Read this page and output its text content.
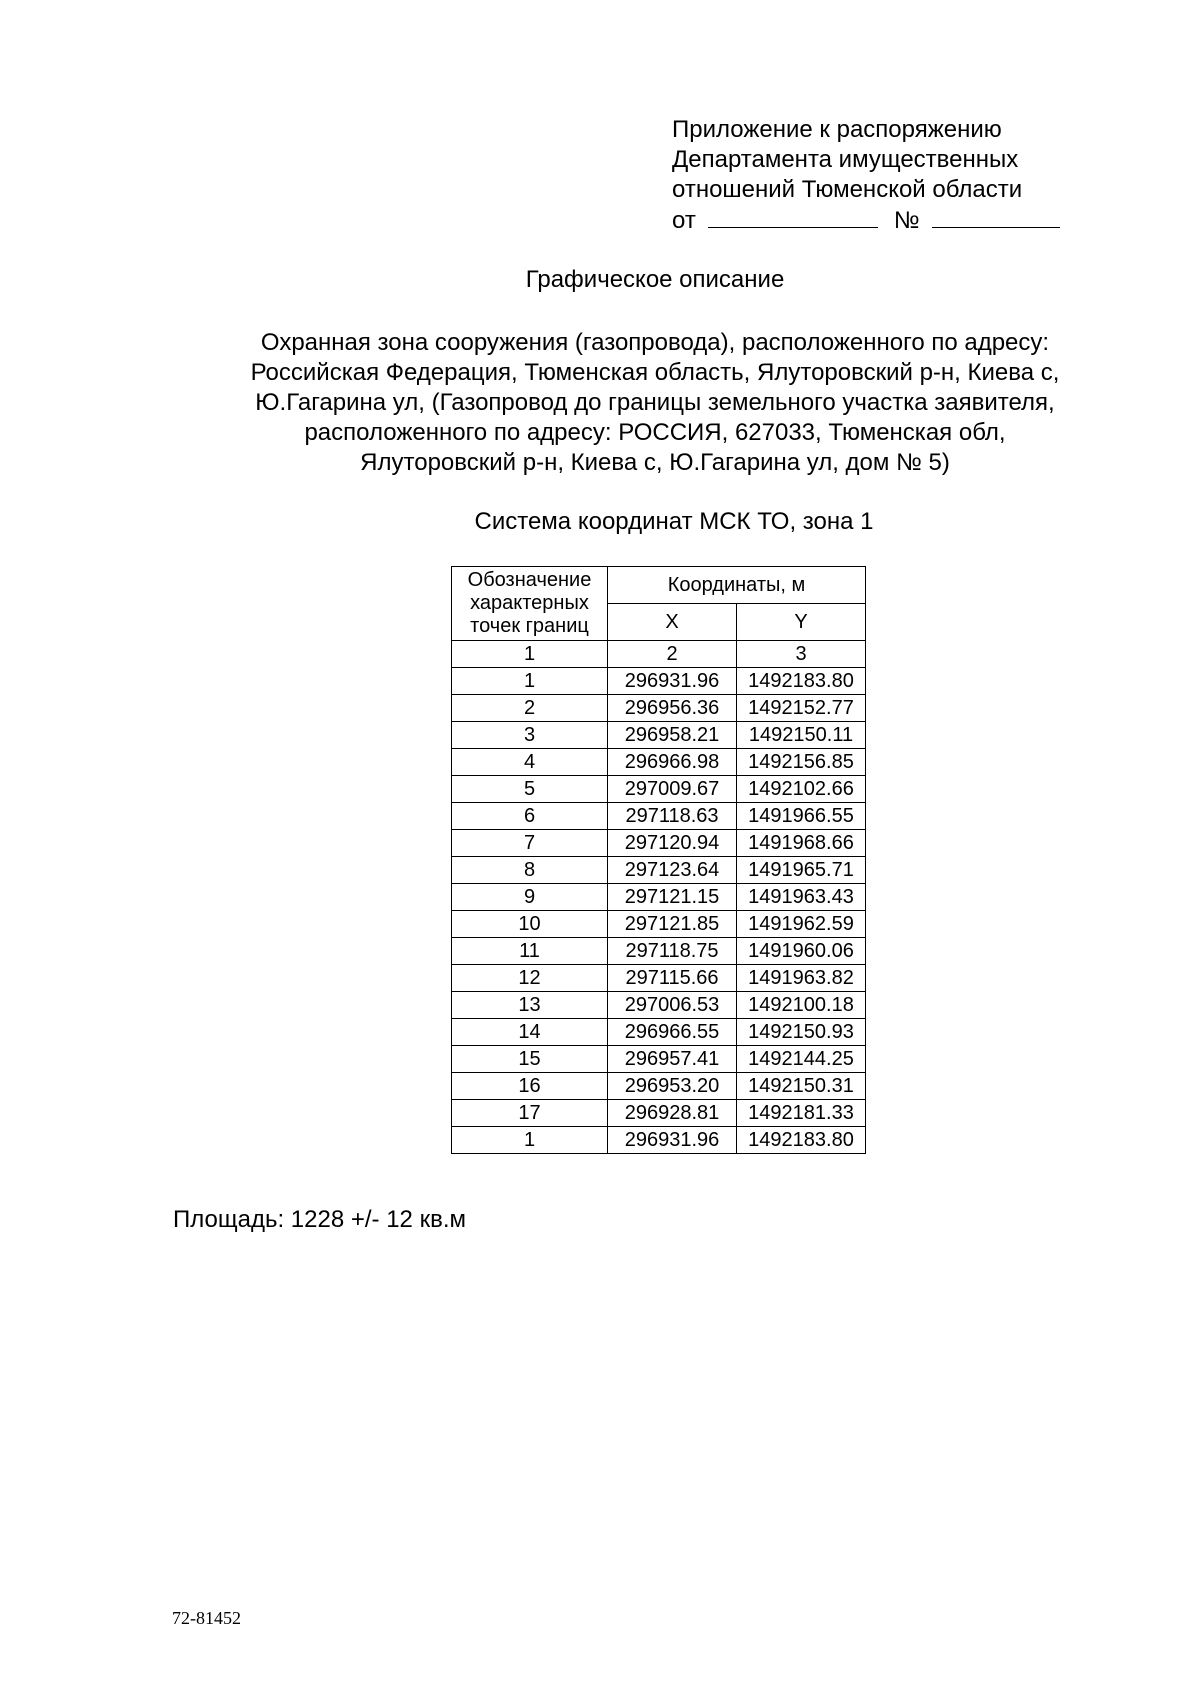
Приложение к распоряжению
Департамента имущественных
отношений Тюменской области
от	№
Графическое описание
Охранная зона сооружения (газопровода), расположенного по адресу:
Российская Федерация, Тюменская область, Ялуторовский р-н, Киева с,
Ю.Гагарина ул, (Газопровод до границы земельного участка заявителя,
расположенного по адресу: РОССИЯ, 627033, Тюменская обл,
Ялуторовский р-н, Киева с, Ю.Гагарина ул, дом № 5)
Система координат МСК ТО, зона 1
Обозначение характерных точек границ	Координаты, м	
	X	Y
1	2	3
1	296931.96	1492183.80
2	296956.36	1492152.77
3	296958.21	1492150.11
4	296966.98	1492156.85
5	297009.67	1492102.66
6	297118.63	1491966.55
7	297120.94	1491968.66
8	297123.64	1491965.71
9	297121.15	1491963.43
10	297121.85	1491962.59
11	297118.75	1491960.06
12	297115.66	1491963.82
13	297006.53	1492100.18
14	296966.55	1492150.93
15	296957.41	1492144.25
16	296953.20	1492150.31
17	296928.81	1492181.33
1	296931.96	1492183.80
Площадь: 1228 +/- 12 кв.м
72-81452
